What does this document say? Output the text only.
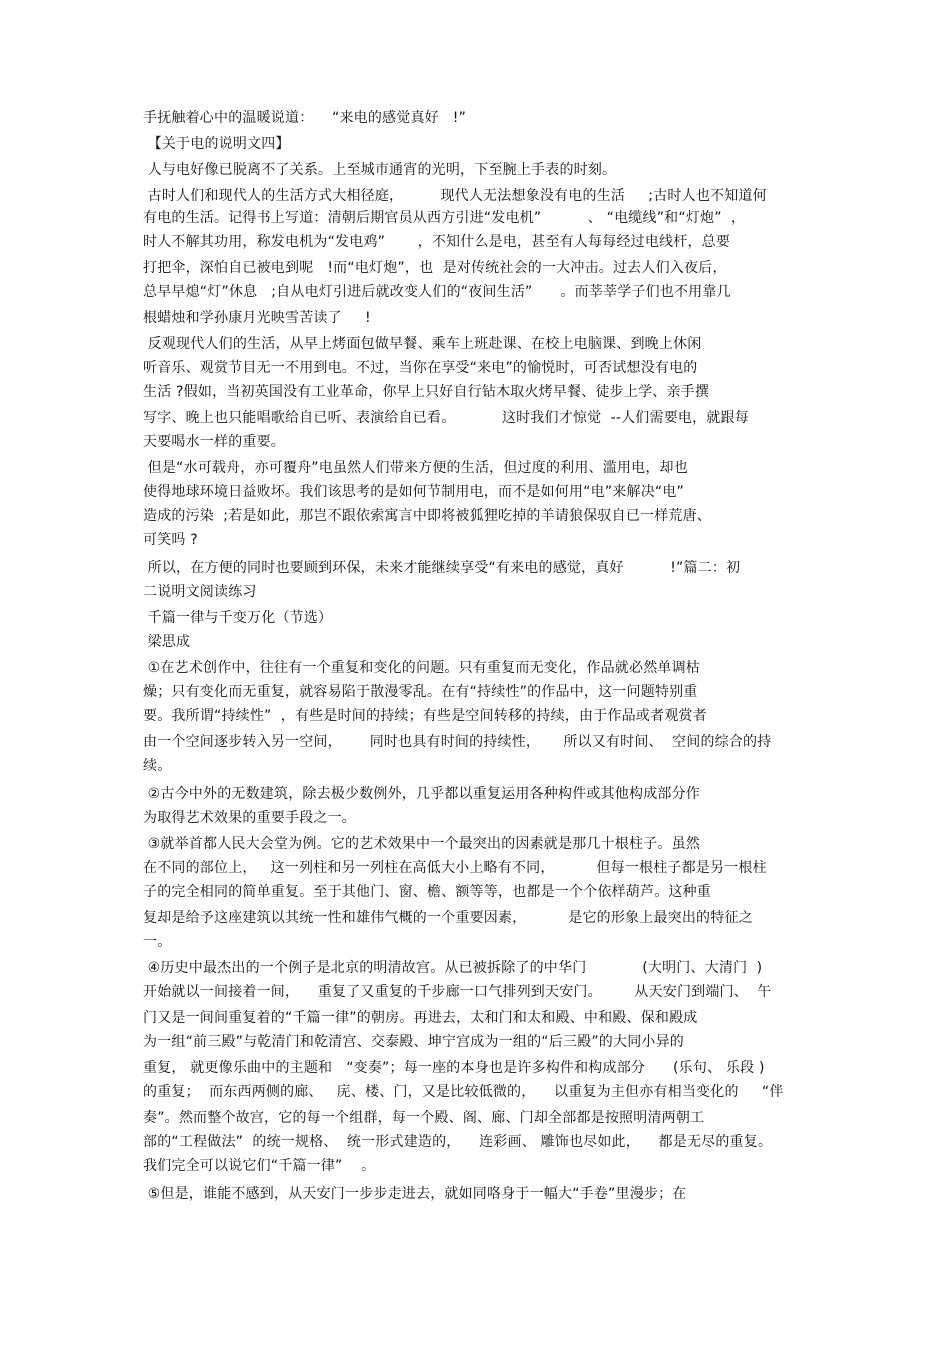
手抚触着心中的温暖说道：    “来电的感觉真好   !”
【关于电的说明文四】
人与电好像已脱离不了关系。上至城市通宵的光明，下至腕上手表的时刻。
古时人们和现代人的生活方式大相径庭，        现代人无法想象没有电的生活     ;古时人也不知道何
有电的生活。记得书上写道：清朝后期官员从西方引进“发电机”          、 “电缆线”和“灯炮”  ，
时人不解其功用，称发电机为“发电鸡”       ，不知什么是电，甚至有人每每经过电线杆，总要
打把伞，深怕自已被电到呢   !而“电灯炮”，也  是对传统社会的一大冲击。过去人们入夜后，
总早早熄“灯”休息   ;自从电灯引进后就改变人们的“夜间生活”      。而莘莘学子们也不用靠几
根蜡烛和学孙康月光映雪苦读了     !
反观现代人们的生活，从早上烤面包做早餐、乘车上班赴课、在校上电脑课、到晚上休闲
听音乐、观赏节目无一不用到电。不过，当你在享受“来电”的愉悦时，可否试想没有电的
生活 ?假如，当初英国没有工业革命，你早上只好自行钻木取火烤早餐、徒步上学、亲手撰
写字、晚上也只能唱歌给自已听、表演给自已看。          这时我们才惊觉  --人们需要电，就跟每
天要喝水一样的重要。
但是“水可载舟，亦可覆舟”电虽然人们带来方便的生活，但过度的利用、滥用电，却也
使得地球环境日益败坏。我们该思考的是如何节制用电，而不是如何用“电”来解决“电”
造成的污染  ;若是如此，那岂不跟依索寓言中即将被狐狸吃掉的羊请狼保驭自已一样荒唐、
可笑吗 ?
所以，在方便的同时也要顾到环保，未来才能继续享受“有来电的感觉，真好          !”篇二：初
二说明文阅读练习
千篇一律与千变万化（节选）
梁思成
①在艺术创作中，往往有一个重复和变化的问题。只有重复而无变化，作品就必然单调枯
燥；只有变化而无重复，就容易陷于散漫零乱。在有“持续性”的作品中，这一问题特别重
要。我所谓“持续性”  ，有些是时间的持续；有些是空间转移的持续，由于作品或者观赏者
由一个空间逐步转入另一空间，      同时也具有时间的持续性，     所以又有时间、  空间的综合的持
续。
②古今中外的无数建筑，除去极少数例外，几乎都以重复运用各种构件或其他构成部分作
为取得艺术效果的重要手段之一。
③就举首都人民大会堂为例。它的艺术效果中一个最突出的因素就是那几十根柱子。虽然
在不同的部位上，   这一列柱和另一列柱在高低大小上略有不同，         但每一根柱子都是另一根柱
子的完全相同的简单重复。至于其他门、窗、檐、额等等，也都是一个个依样葫芦。这种重
复却是给予这座建筑以其统一性和雄伟气概的一个重要因素，         是它的形象上最突出的特征之
一。
④历史中最杰出的一个例子是北京的明清故宫。从已被拆除了的中华门            (大明门、大清门  )
开始就以一间接着一间，    重复了又重复的千步廊一口气排列到天安门。       从天安门到端门、  午
门又是一间间重复着的“千篇一律”的朝房。再进去，太和门和太和殿、中和殿、保和殿成
为一组“前三殿”与乾清门和乾清宫、交泰殿、坤宁宫成为一组的“后三殿”的大同小异的
重复， 就更像乐曲中的主题和   “变奏”；每一座的本身也是许多构件和构成部分      (乐句、 乐段 )
的重复；  而东西两侧的廊、   庑、楼、门，又是比较低微的，    以重复为主但亦有相当变化的     “伴
奏”。然而整个故宫，它的每一个组群，每一个殿、阁、廊、门却全部都是按照明清两朝工
部的“工程做法”  的统一规格、  统一形式建造的，    连彩画、 雕饰也尽如此，    都是无尽的重复。
我们完全可以说它们“千篇一律”    。
⑤但是，谁能不感到，从天安门一步步走进去，就如同咯身于一幅大“手卷”里漫步；在
